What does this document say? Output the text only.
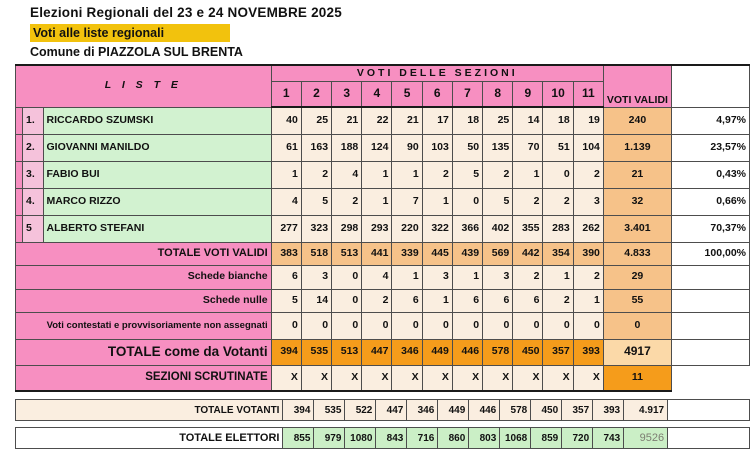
Elezioni Regionali del 23 e 24 NOVEMBRE 2025
Voti alle liste regionali
Comune di PIAZZOLA SUL BRENTA
L I S T E			VOTI DELLE SEZIONI											VOTI VALIDI	
			1	2	3	4	5	6	7	8	9	10	11		
	1.	RICCARDO SZUMSKI	40	25	21	22	21	17	18	25	14	18	19	240	4,97%
	2.	GIOVANNI MANILDO	61	163	188	124	90	103	50	135	70	51	104	1.139	23,57%
	3.	FABIO BUI	1	2	4	1	1	2	5	2	1	0	2	21	0,43%
	4.	MARCO RIZZO	4	5	2	1	7	1	0	5	2	2	3	32	0,66%
	5	ALBERTO STEFANI	277	323	298	293	220	322	366	402	355	283	262	3.401	70,37%
TOTALE VOTI VALIDI			383	518	513	441	339	445	439	569	442	354	390	4.833	100,00%
Schede bianche			6	3	0	4	1	3	1	3	2	1	2	29	
Schede nulle			5	14	0	2	6	1	6	6	6	2	1	55	
Voti contestati e provvisoriamente non assegnati			0	0	0	0	0	0	0	0	0	0	0	0	
TOTALE come da Votanti			394	535	513	447	346	449	446	578	450	357	393	4917	
SEZIONI SCRUTINATE			X	X	X	X	X	X	X	X	X	X	X	11	
TOTALE VOTANTI	394	535	522	447	346	449	446	578	450	357	393	4.917	
TOTALE ELETTORI	855	979	1080	843	716	860	803	1068	859	720	743	9526	
